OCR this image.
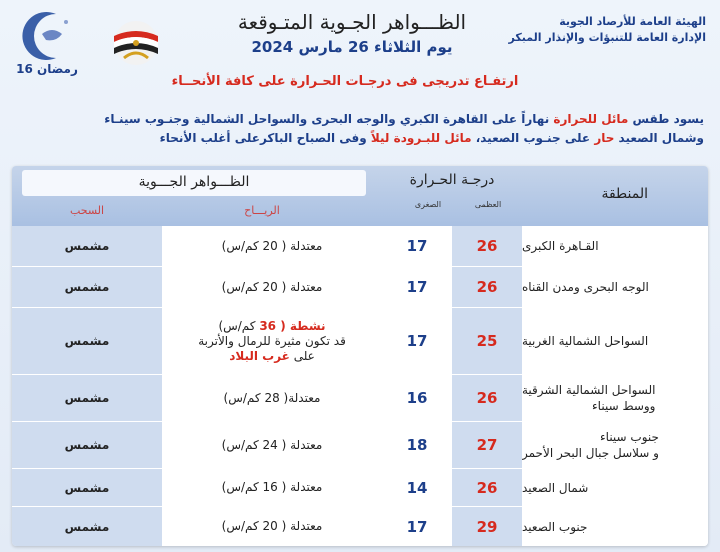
الهيئة العامة للأرصاد الجوية
الإدارة العامة للتنبؤات والإنذار المبكر
الظـــواهر الجـوية المتـوقعة
يوم الثلاثاء 26 مارس 2024
16 رمضان
ارتفـاع تدريجى فى درجـات الحـرارة على كافة الأنحــاء
يسود طقس مائل للحرارة نهاراً على القاهرة الكبري والوجه البحرى والسواحل الشمالية وجنـوب سينـاء
وشمال الصعيد حار على جنـوب الصعيد، مائل للبـرودة ليلاً وفى الصباح الباكرعلى أغلب الأنحاء
المنطقة
درجـة الحـرارة
العظمى
الصغرى
الظـــواهر الجـــوية
الريـــاح
السحب
القـاهرة الكبرى
26
17
معتدلة ( 20 كم/س)
مشمس
الوجه البحرى ومدن القناه
26
17
معتدلة ( 20 كم/س)
مشمس
السواحل الشمالية الغربية
25
17
نشطة ( 36 كم/س)
قد تكون مثيرة للرمال والأتربة
على غرب البلاد
مشمس
السواحل الشمالية الشرقية
ووسط سيناء
26
16
معتدلة( 28 كم/س)
مشمس
جنوب سيناء
و سلاسل جبال البحر الأحمر
27
18
معتدلة ( 24 كم/س)
مشمس
شمال الصعيد
26
14
معتدلة ( 16 كم/س)
مشمس
جنوب الصعيد
29
17
معتدلة ( 20 كم/س)
مشمس
